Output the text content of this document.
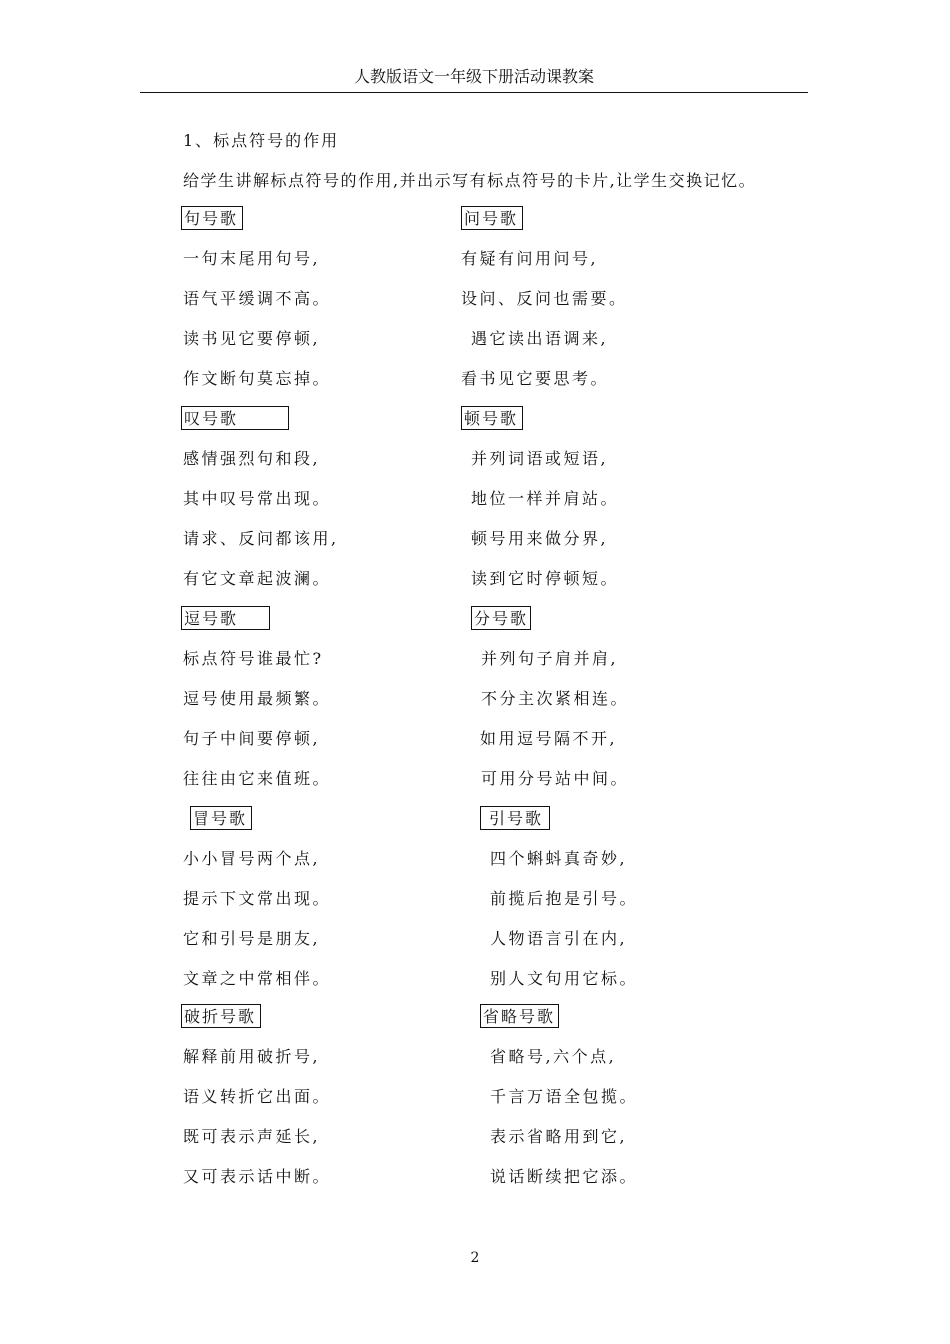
人教版语文一年级下册活动课教案
1、标点符号的作用
给学生讲解标点符号的作用,并出示写有标点符号的卡片,让学生交换记忆。
句号歌
一句末尾用句号,
语气平缓调不高。
读书见它要停顿,
作文断句莫忘掉。
问号歌
有疑有问用问号,
设问、反问也需要。
遇它读出语调来,
看书见它要思考。
叹号歌
感情强烈句和段,
其中叹号常出现。
请求、反问都该用,
有它文章起波澜。
顿号歌
并列词语或短语,
地位一样并肩站。
顿号用来做分界,
读到它时停顿短。
逗号歌
标点符号谁最忙?
逗号使用最频繁。
句子中间要停顿,
往往由它来值班。
分号歌
并列句子肩并肩,
不分主次紧相连。
如用逗号隔不开,
可用分号站中间。
冒号歌
小小冒号两个点,
提示下文常出现。
它和引号是朋友,
文章之中常相伴。
引号歌
四个蝌蚪真奇妙,
前揽后抱是引号。
人物语言引在内,
别人文句用它标。
破折号歌
解释前用破折号,
语义转折它出面。
既可表示声延长,
又可表示话中断。
省略号歌
省略号,六个点,
千言万语全包揽。
表示省略用到它,
说话断续把它添。
2
